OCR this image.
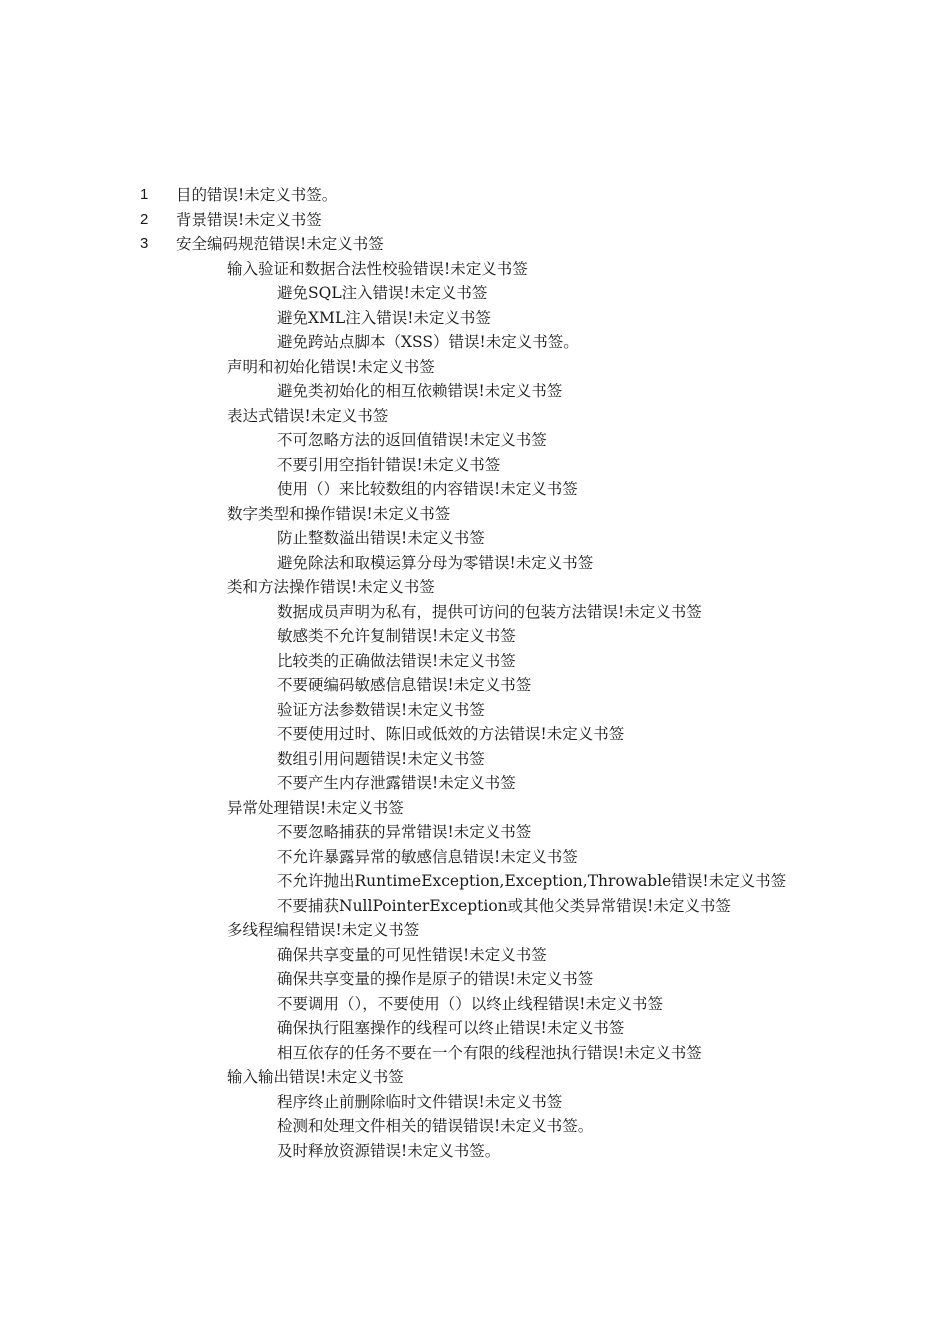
1 目的错误!未定义书签。
2 背景错误!未定义书签
3 安全编码规范错误!未定义书签
输入验证和数据合法性校验错误!未定义书签
避免SQL注入错误!未定义书签
避免XML注入错误!未定义书签
避免跨站点脚本（XSS）错误!未定义书签。
声明和初始化错误!未定义书签
避免类初始化的相互依赖错误!未定义书签
表达式错误!未定义书签
不可忽略方法的返回值错误!未定义书签
不要引用空指针错误!未定义书签
使用（）来比较数组的内容错误!未定义书签
数字类型和操作错误!未定义书签
防止整数溢出错误!未定义书签
避免除法和取模运算分母为零错误!未定义书签
类和方法操作错误!未定义书签
数据成员声明为私有，提供可访问的包装方法错误!未定义书签
敏感类不允许复制错误!未定义书签
比较类的正确做法错误!未定义书签
不要硬编码敏感信息错误!未定义书签
验证方法参数错误!未定义书签
不要使用过时、陈旧或低效的方法错误!未定义书签
数组引用问题错误!未定义书签
不要产生内存泄露错误!未定义书签
异常处理错误!未定义书签
不要忽略捕获的异常错误!未定义书签
不允许暴露异常的敏感信息错误!未定义书签
不允许抛出RuntimeException,Exception,Throwable错误!未定义书签
不要捕获NullPointerException或其他父类异常错误!未定义书签
多线程编程错误!未定义书签
确保共享变量的可见性错误!未定义书签
确保共享变量的操作是原子的错误!未定义书签
不要调用（），不要使用（）以终止线程错误!未定义书签
确保执行阻塞操作的线程可以终止错误!未定义书签
相互依存的任务不要在一个有限的线程池执行错误!未定义书签
输入输出错误!未定义书签
程序终止前删除临时文件错误!未定义书签
检测和处理文件相关的错误错误!未定义书签。
及时释放资源错误!未定义书签。
